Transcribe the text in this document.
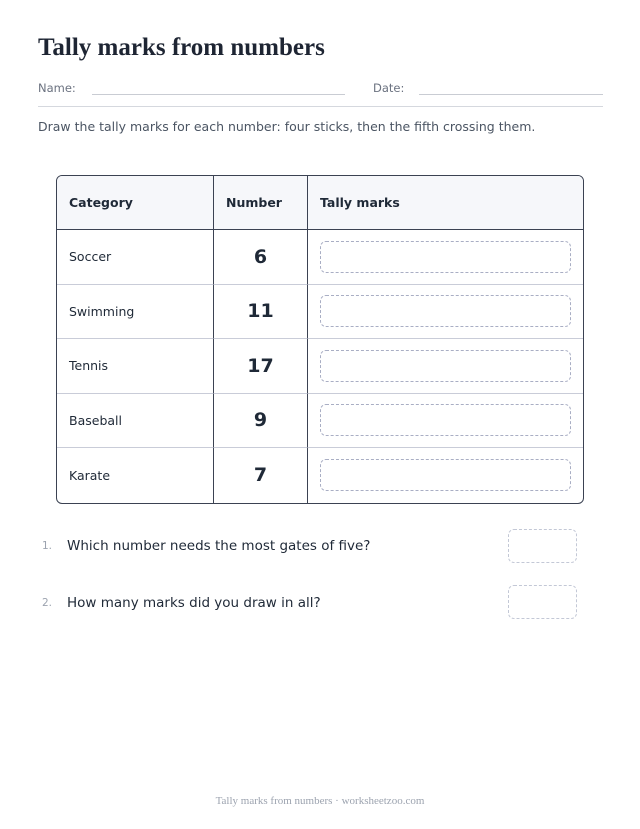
Tally marks from numbers
Name:	Date:
Draw the tally marks for each number: four sticks, then the fifth crossing them.
Category	Number	Tally marks
Soccer	6	

Swimming	11	

Tennis	17	

Baseball	9	

Karate	7	
1. Which number needs the most gates of five?
2. How many marks did you draw in all?
Tally marks from numbers · worksheetzoo.com
